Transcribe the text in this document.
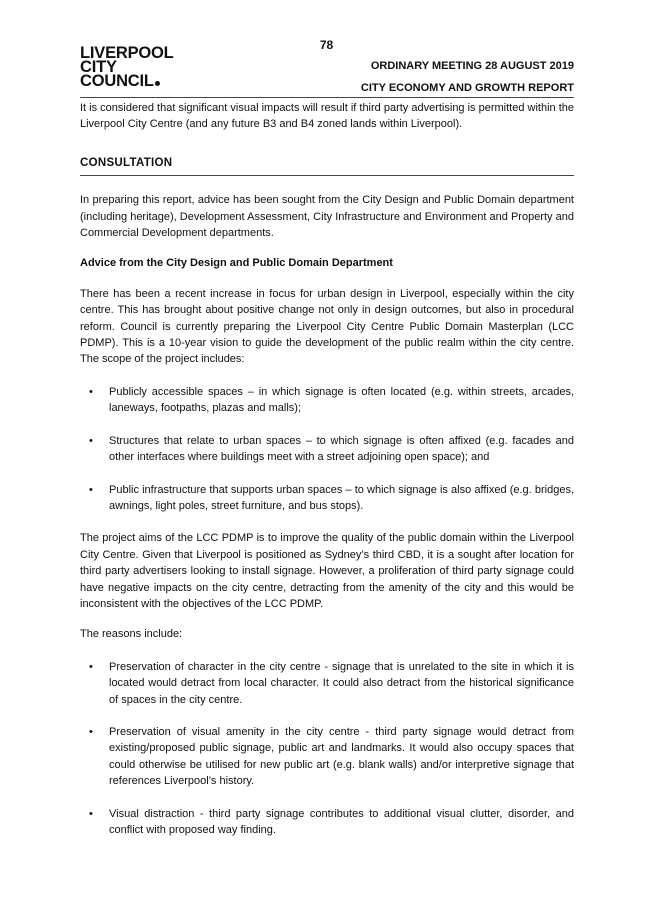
78
LIVERPOOL
CITY
COUNCIL
ORDINARY MEETING 28 AUGUST 2019
CITY ECONOMY AND GROWTH REPORT

It is considered that significant visual impacts will result if third party advertising is permitted within the Liverpool City Centre (and any future B3 and B4 zoned lands within Liverpool).

CONSULTATION

In preparing this report, advice has been sought from the City Design and Public Domain department (including heritage), Development Assessment, City Infrastructure and Environment and Property and Commercial Development departments.

Advice from the City Design and Public Domain Department

There has been a recent increase in focus for urban design in Liverpool, especially within the city centre. This has brought about positive change not only in design outcomes, but also in procedural reform. Council is currently preparing the Liverpool City Centre Public Domain Masterplan (LCC PDMP). This is a 10-year vision to guide the development of the public realm within the city centre. The scope of the project includes:

• Publicly accessible spaces – in which signage is often located (e.g. within streets, arcades, laneways, footpaths, plazas and malls);
• Structures that relate to urban spaces – to which signage is often affixed (e.g. facades and other interfaces where buildings meet with a street adjoining open space); and
• Public infrastructure that supports urban spaces – to which signage is also affixed (e.g. bridges, awnings, light poles, street furniture, and bus stops).

The project aims of the LCC PDMP is to improve the quality of the public domain within the Liverpool City Centre. Given that Liverpool is positioned as Sydney’s third CBD, it is a sought after location for third party advertisers looking to install signage. However, a proliferation of third party signage could have negative impacts on the city centre, detracting from the amenity of the city and this would be inconsistent with the objectives of the LCC PDMP.

The reasons include:

• Preservation of character in the city centre - signage that is unrelated to the site in which it is located would detract from local character. It could also detract from the historical significance of spaces in the city centre.
• Preservation of visual amenity in the city centre - third party signage would detract from existing/proposed public signage, public art and landmarks. It would also occupy spaces that could otherwise be utilised for new public art (e.g. blank walls) and/or interpretive signage that references Liverpool’s history.
• Visual distraction - third party signage contributes to additional visual clutter, disorder, and conflict with proposed way finding.
